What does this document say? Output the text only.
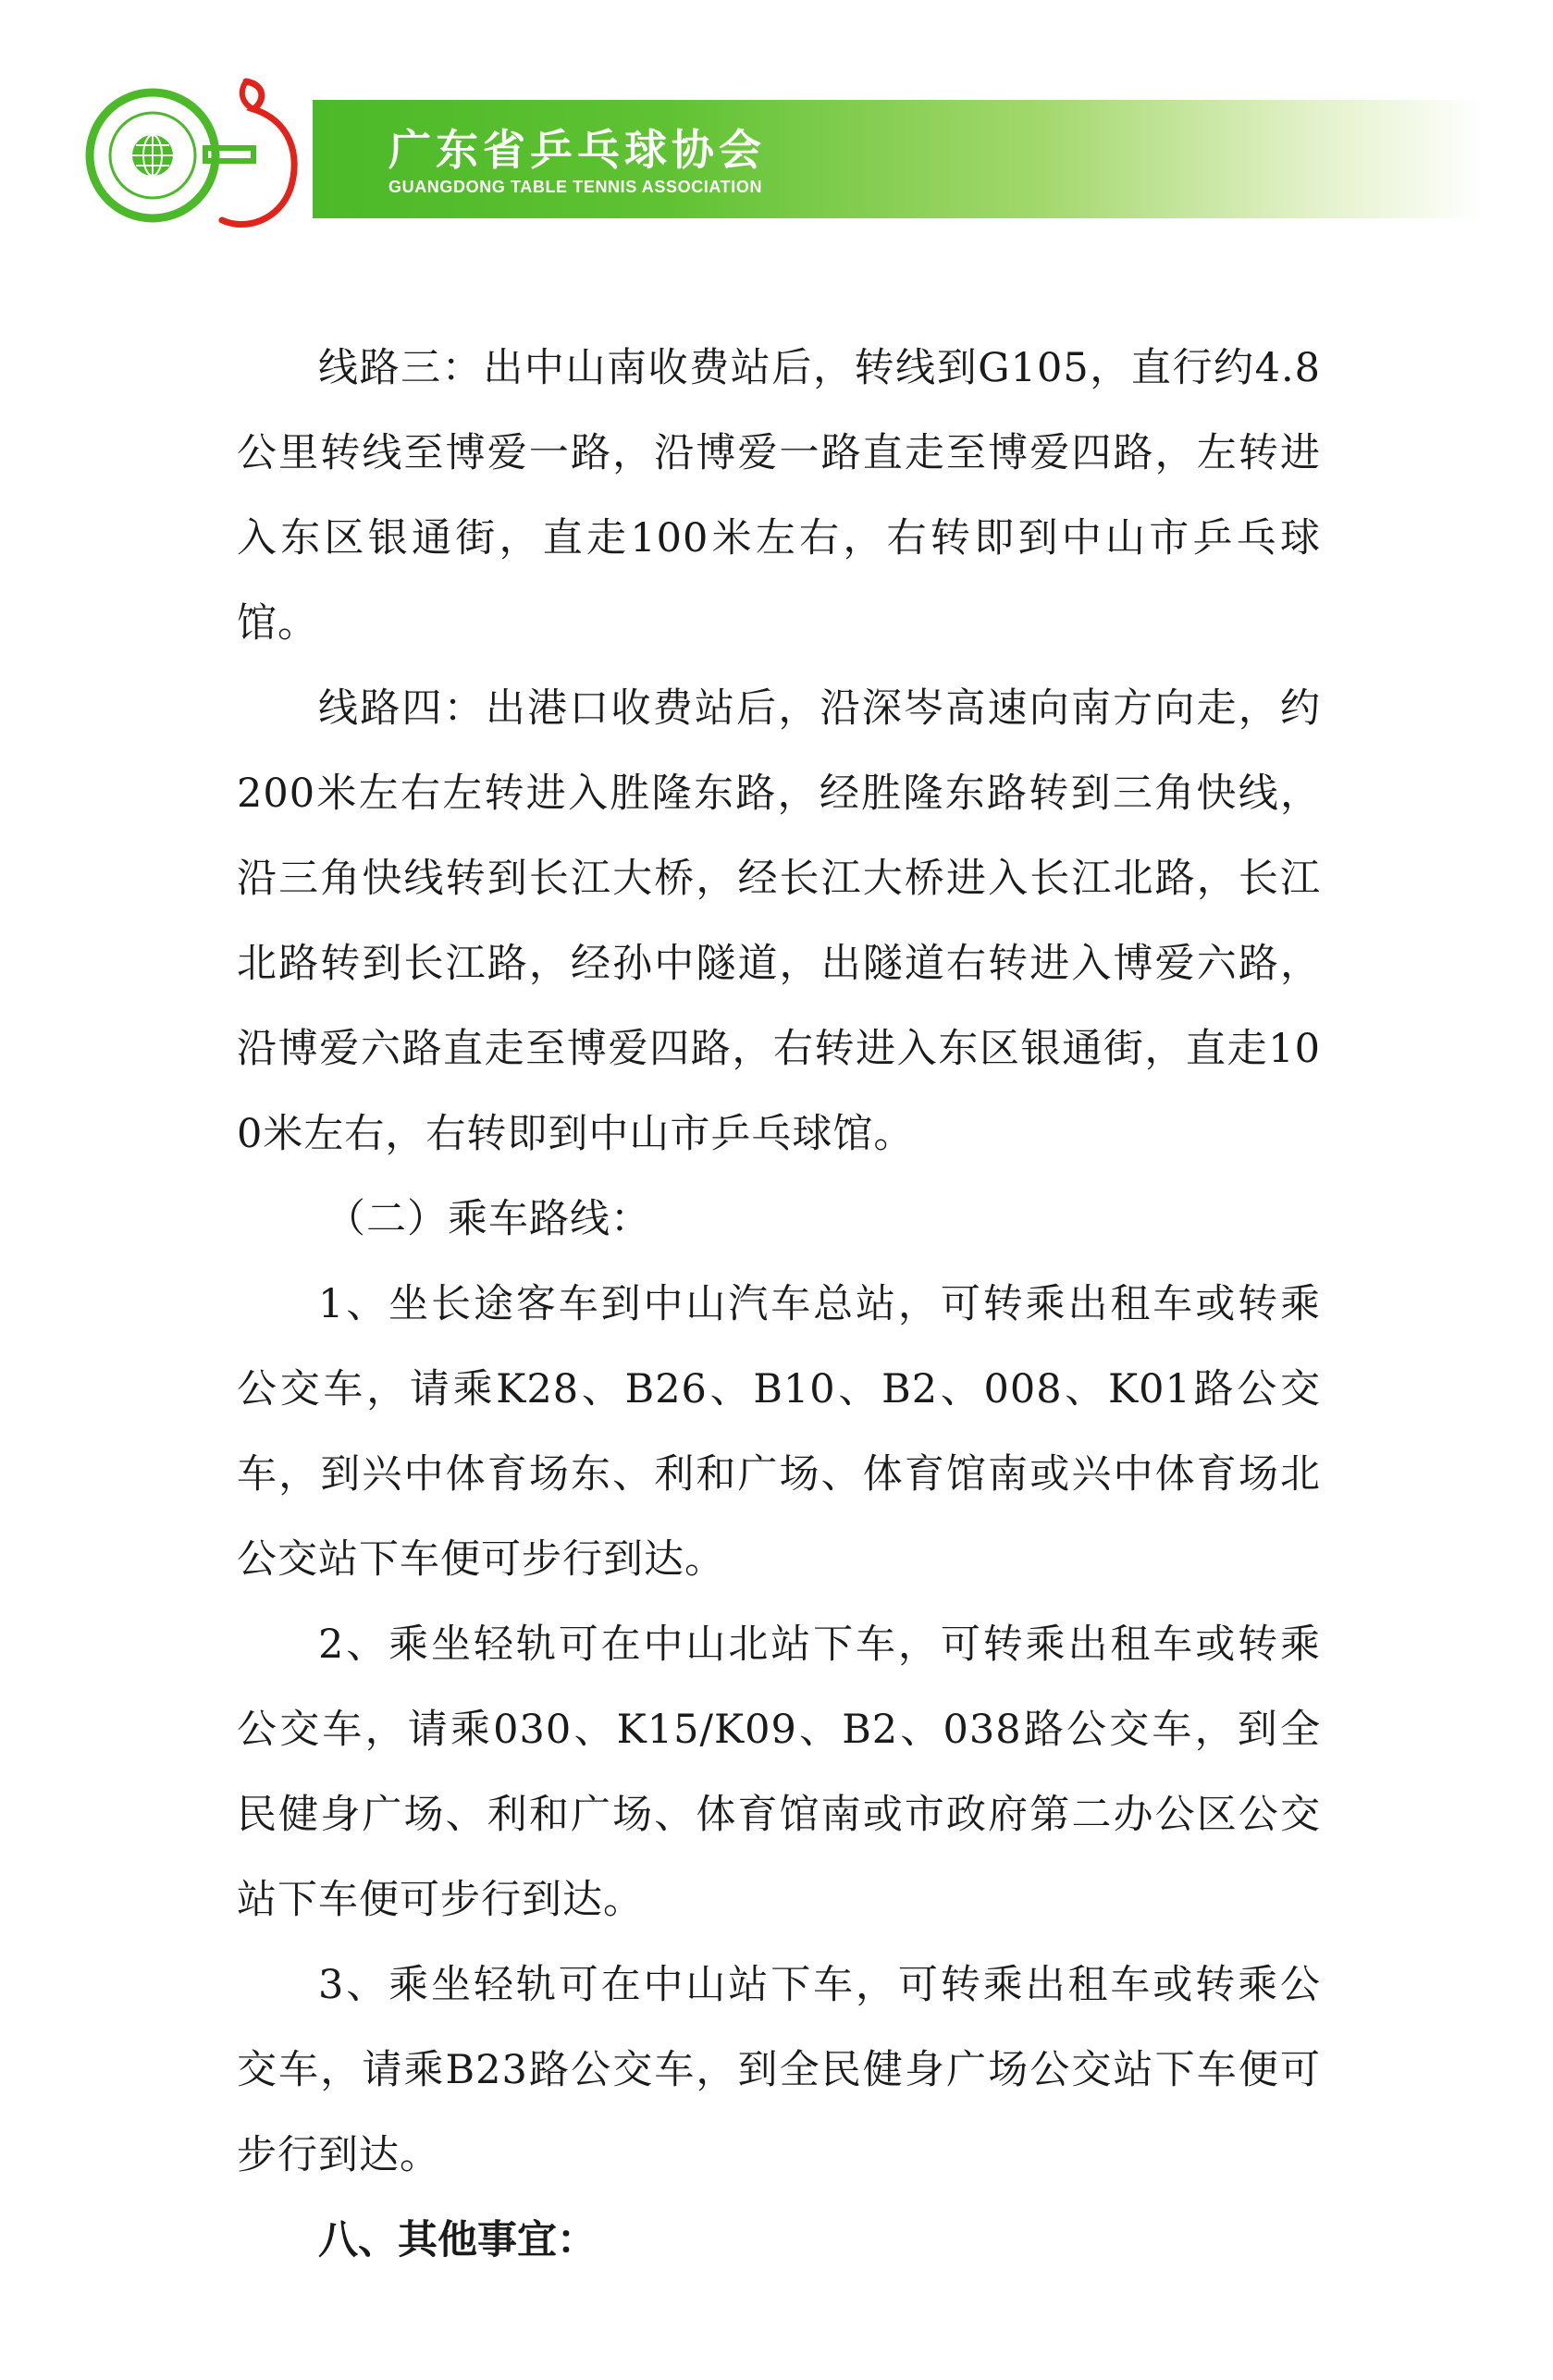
广东省乒乓球协会
GUANGDONG TABLE TENNIS ASSOCIATION

线路三：出中山南收费站后，转线到G105，直行约4.8公里转线至博爱一路，沿博爱一路直走至博爱四路，左转进入东区银通街，直走100米左右，右转即到中山市乒乓球馆。

线路四：出港口收费站后，沿深岑高速向南方向走，约200米左右左转进入胜隆东路，经胜隆东路转到三角快线，沿三角快线转到长江大桥，经长江大桥进入长江北路，长江北路转到长江路，经孙中隧道，出隧道右转进入博爱六路，沿博爱六路直走至博爱四路，右转进入东区银通街，直走100米左右，右转即到中山市乒乓球馆。

（二）乘车路线：

1、坐长途客车到中山汽车总站，可转乘出租车或转乘公交车，请乘K28、B26、B10、B2、008、K01路公交车，到兴中体育场东、利和广场、体育馆南或兴中体育场北公交站下车便可步行到达。

2、乘坐轻轨可在中山北站下车，可转乘出租车或转乘公交车，请乘030、K15/K09、B2、038路公交车，到全民健身广场、利和广场、体育馆南或市政府第二办公区公交站下车便可步行到达。

3、乘坐轻轨可在中山站下车，可转乘出租车或转乘公交车，请乘B23路公交车，到全民健身广场公交站下车便可步行到达。

八、其他事宜：
